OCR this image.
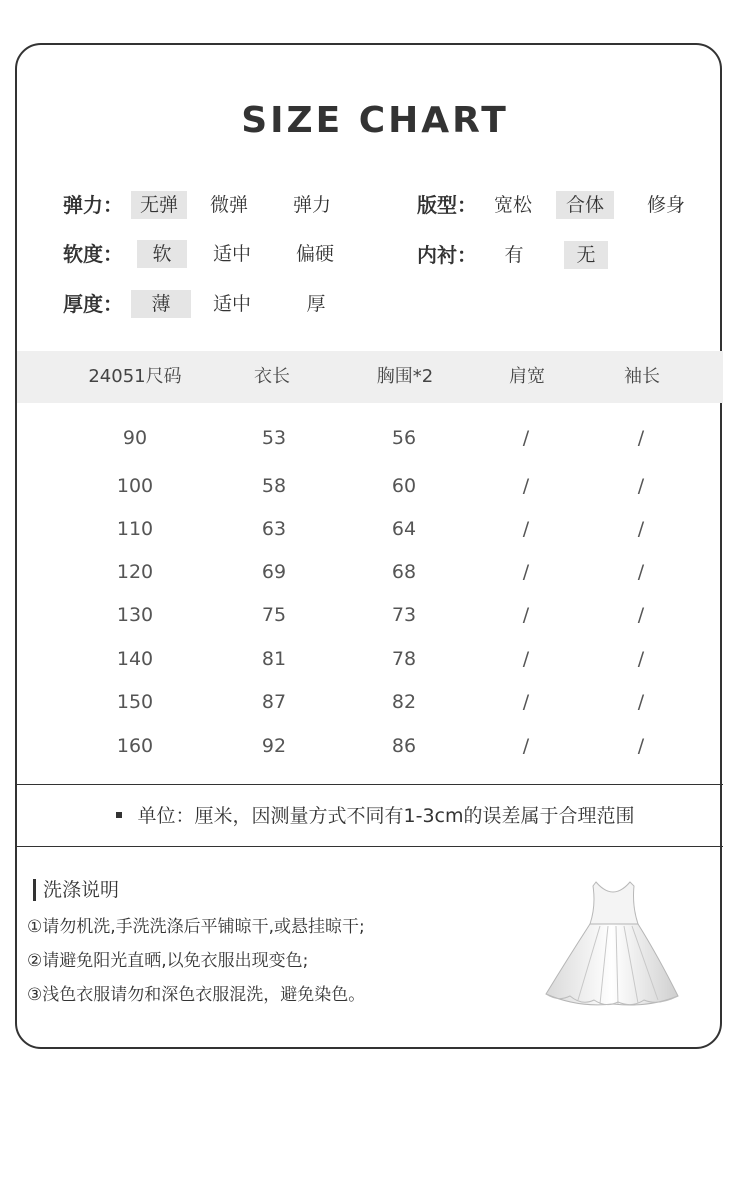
SIZE CHART
弹力： 无弹	微弹	弹力
软度：	软	适中	偏硬
厚度：	薄	适中	厚
版型： 宽松	合体	修身
内衬：	有	无
24051尺码	衣长	胸围*2	肩宽	袖长
90	53	56	/	/
100	58	60	/	/
110	63	64	/	/
120	69	68	/	/
130	75	73	/	/
140	81	78	/	/
150	87	82	/	/
160	92	86	/	/
单位：厘米，因测量方式不同有1-3cm的误差属于合理范围
洗涤说明
①请勿机洗,手洗洗涤后平铺晾干,或悬挂晾干;
②请避免阳光直晒,以免衣服出现变色;
③浅色衣服请勿和深色衣服混洗，避免染色。
